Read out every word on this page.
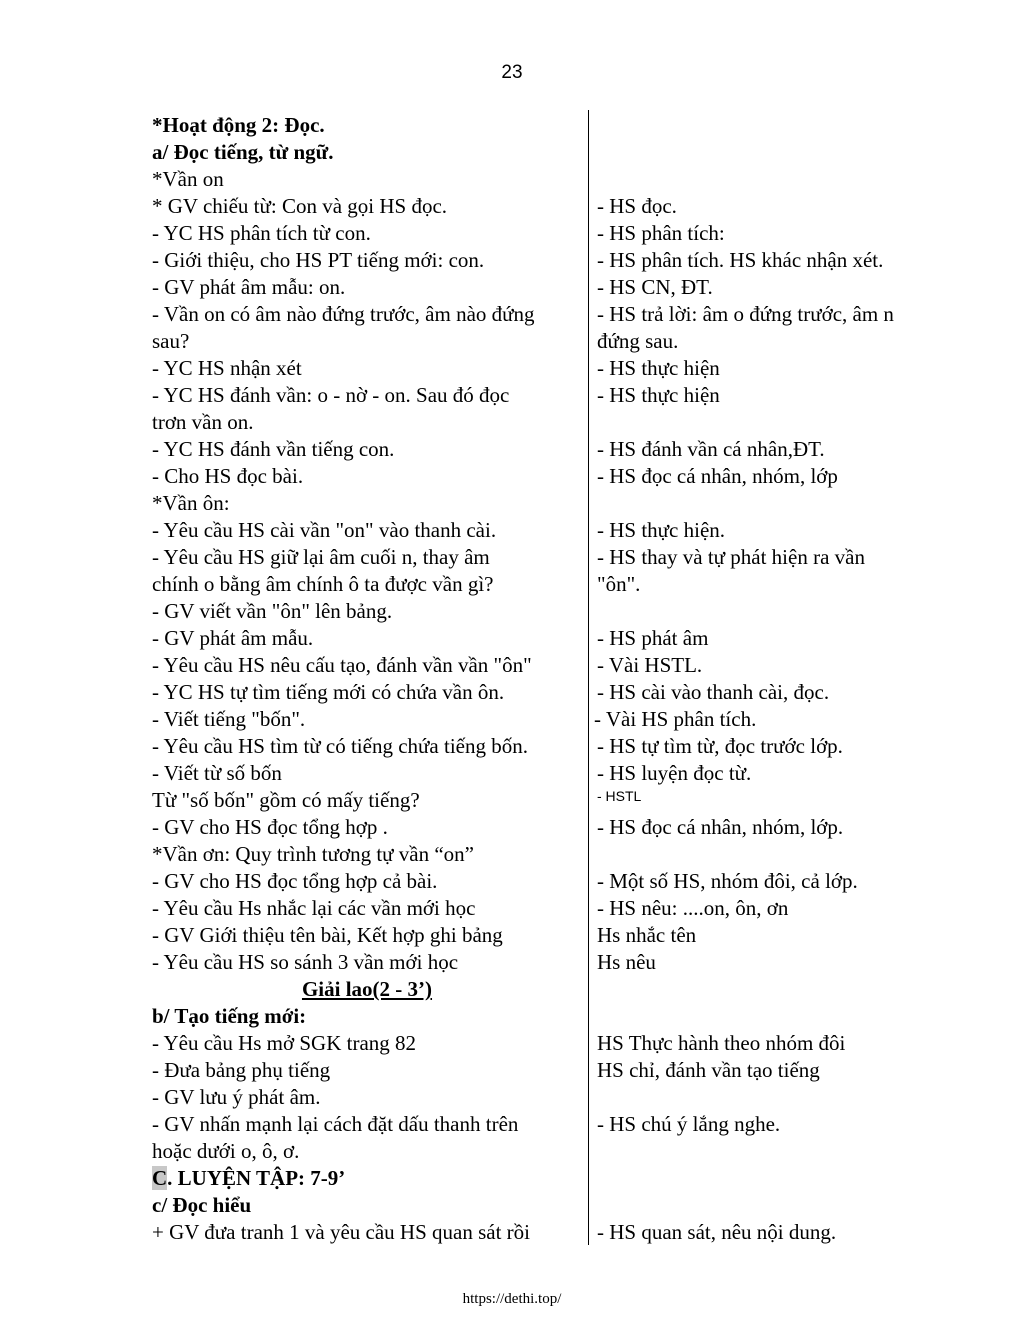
23
*Hoạt động 2: Đọc.
a/ Đọc tiếng, từ ngữ.
*Vần on
* GV chiếu từ: Con và gọi HS đọc.	- HS đọc.
- YC HS phân tích từ con.	- HS phân tích:
- Giới thiệu, cho HS PT tiếng mới: con.	- HS phân tích. HS khác nhận xét.
- GV phát âm mẫu: on.	- HS CN, ĐT.
- Vần on có âm nào đứng trước, âm nào đứng	- HS trả lời: âm o đứng trước, âm n
sau?	đứng sau.
- YC HS nhận xét	- HS thực hiện
- YC HS đánh vần: o - nờ - on. Sau đó đọc	- HS thực hiện
trơn vần on.
- YC HS đánh vần tiếng con.	- HS đánh vần cá nhân,ĐT.
- Cho HS đọc bài.	- HS đọc cá nhân, nhóm, lớp
*Vần ôn:
- Yêu cầu HS cài vần "on" vào thanh cài.	- HS thực hiện.
- Yêu cầu HS giữ lại âm cuối n, thay âm	- HS thay và tự phát hiện ra vần
chính o bằng âm chính ô ta được vần gì?	"ôn".
- GV viết vần "ôn" lên bảng.
- GV phát âm mẫu.	- HS phát âm
- Yêu cầu HS nêu cấu tạo, đánh vần vần "ôn"	- Vài HSTL.
- YC HS tự tìm tiếng mới có chứa vần ôn.	- HS cài vào thanh cài, đọc.
- Viết tiếng "bốn".	- Vài HS phân tích.
- Yêu cầu HS tìm từ có tiếng chứa tiếng bốn.	- HS tự tìm từ, đọc trước lớp.
- Viết từ số bốn	- HS luyện đọc từ.
Từ "số bốn" gồm có mấy tiếng?	- HSTL
- GV cho HS đọc tổng hợp .	- HS đọc cá nhân, nhóm, lớp.
*Vần ơn: Quy trình tương tự vần “on”
- GV cho HS đọc tổng hợp cả bài.	- Một số HS, nhóm đôi, cả lớp.
- Yêu cầu Hs nhắc lại các vần mới học	- HS nêu: ....on, ôn, ơn
- GV Giới thiệu tên bài, Kết hợp ghi bảng	Hs nhắc tên
- Yêu cầu HS so sánh 3 vần mới học	Hs nêu
Giải lao(2 - 3’)
b/ Tạo tiếng mới:
- Yêu cầu Hs mở SGK trang 82	HS Thực hành theo nhóm đôi
- Đưa bảng phụ tiếng	HS chỉ, đánh vần tạo tiếng
- GV lưu ý phát âm.
- GV nhấn mạnh lại cách đặt dấu thanh trên	- HS chú ý lắng nghe.
hoặc dưới o, ô, ơ.
C. LUYỆN TẬP: 7-9’
c/ Đọc hiểu
+ GV đưa tranh 1 và yêu cầu HS quan sát rồi	- HS quan sát, nêu nội dung.
https://dethi.top/
